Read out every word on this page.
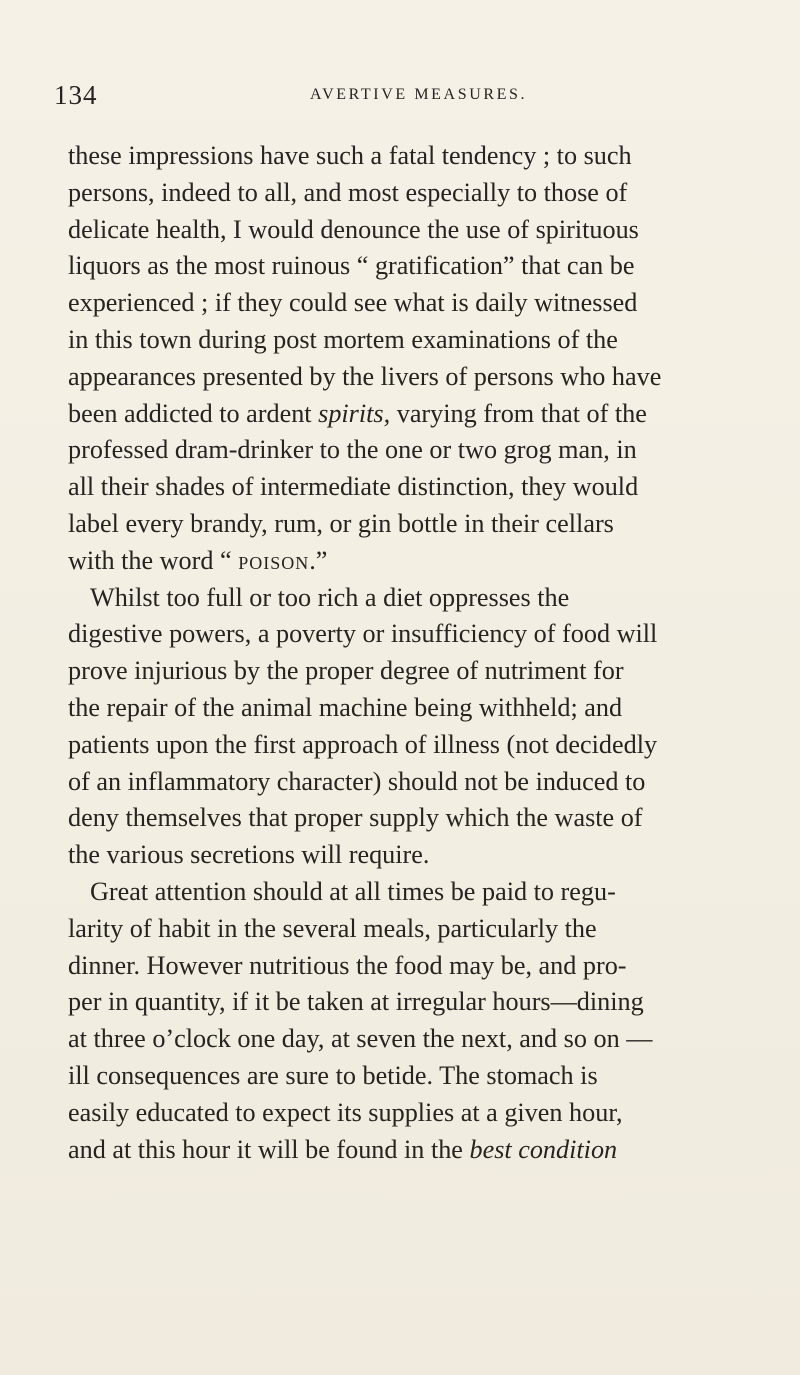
134	AVERTIVE MEASURES.
these impressions have such a fatal tendency ; to such
persons, indeed to all, and most especially to those of
delicate health, I would denounce the use of spirituous
liquors as the most ruinous “ gratification” that can be
experienced ; if they could see what is daily witnessed
in this town during post mortem examinations of the
appearances presented by the livers of persons who have
been addicted to ardent spirits, varying from that of the
professed dram-drinker to the one or two grog man, in
all their shades of intermediate distinction, they would
label every brandy, rum, or gin bottle in their cellars
with the word “ poison.”
Whilst too full or too rich a diet oppresses the
digestive powers, a poverty or insufficiency of food will
prove injurious by the proper degree of nutriment for
the repair of the animal machine being withheld; and
patients upon the first approach of illness (not decidedly
of an inflammatory character) should not be induced to
deny themselves that proper supply which the waste of
the various secretions will require.
Great attention should at all times be paid to regu-
larity of habit in the several meals, particularly the
dinner. However nutritious the food may be, and pro-
per in quantity, if it be taken at irregular hours—dining
at three o’clock one day, at seven the next, and so on —
ill consequences are sure to betide. The stomach is
easily educated to expect its supplies at a given hour,
and at this hour it will be found in the best condition
